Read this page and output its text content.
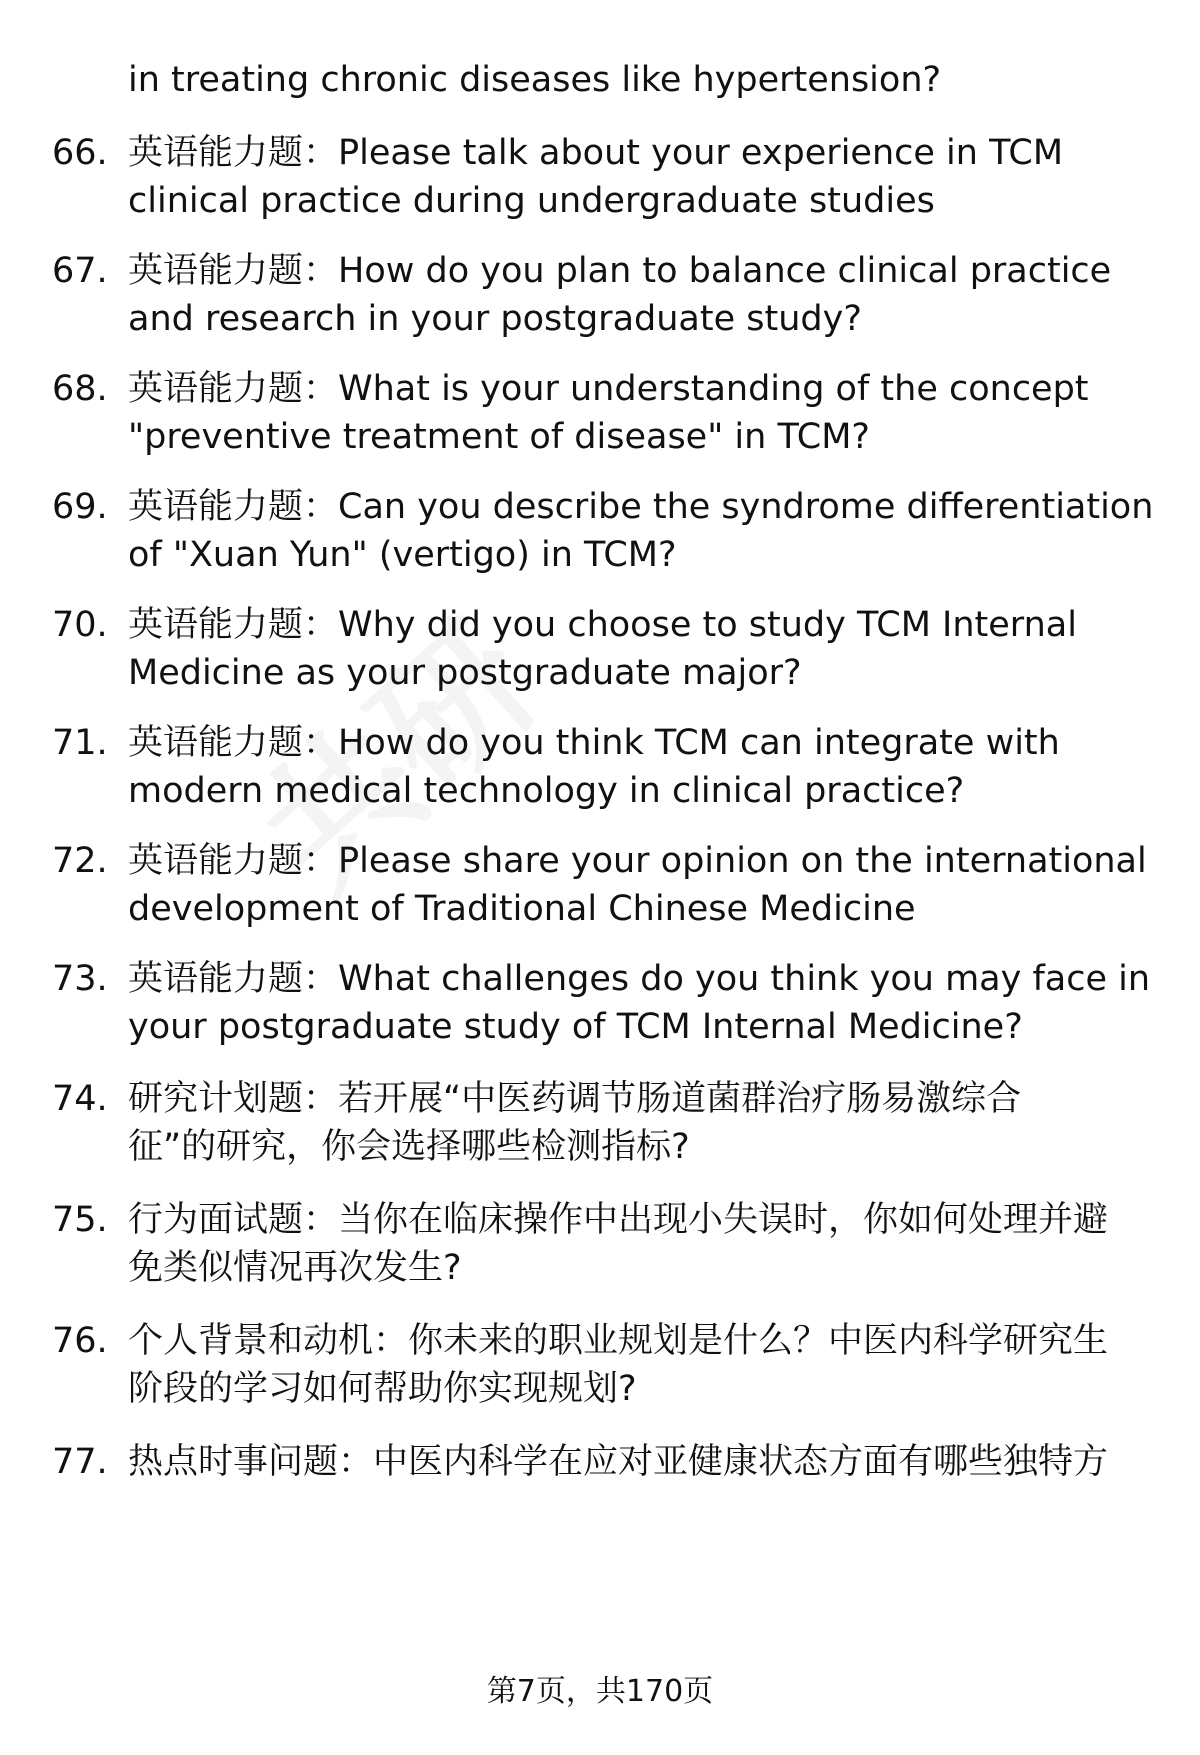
in treating chronic diseases like hypertension?
66. 英语能力题：Please talk about your experience in TCM
clinical practice during undergraduate studies
67. 英语能力题：How do you plan to balance clinical practice
and research in your postgraduate study?
68. 英语能力题：What is your understanding of the concept
"preventive treatment of disease" in TCM?
69. 英语能力题：Can you describe the syndrome differentiation
of "Xuan Yun" (vertigo) in TCM?
70. 英语能力题：Why did you choose to study TCM Internal
Medicine as your postgraduate major?
71. 英语能力题：How do you think TCM can integrate with
modern medical technology in clinical practice?
72. 英语能力题：Please share your opinion on the international
development of Traditional Chinese Medicine
73. 英语能力题：What challenges do you think you may face in
your postgraduate study of TCM Internal Medicine?
74. 研究计划题：若开展“中医药调节肠道菌群治疗肠易激综合
征”的研究，你会选择哪些检测指标?
75. 行为面试题：当你在临床操作中出现小失误时，你如何处理并避
免类似情况再次发生?
76. 个人背景和动机：你未来的职业规划是什么？中医内科学研究生
阶段的学习如何帮助你实现规划?
77. 热点时事问题：中医内科学在应对亚健康状态方面有哪些独特方
第7页，共170页
